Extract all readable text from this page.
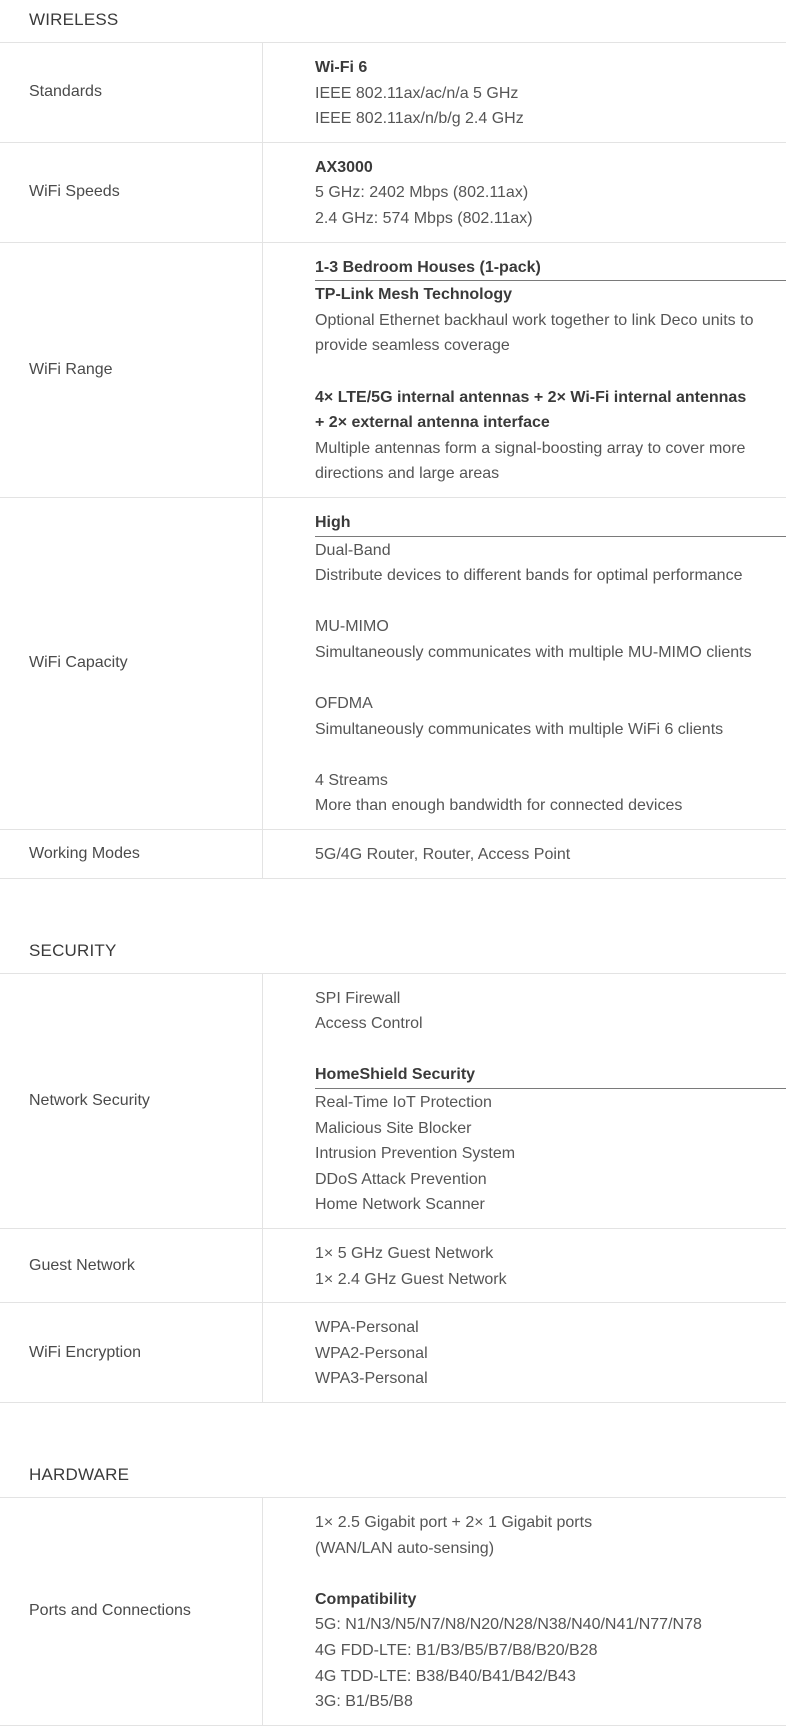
WIRELESS
Standards
Wi-Fi 6
IEEE 802.11ax/ac/n/a 5 GHz
IEEE 802.11ax/n/b/g 2.4 GHz
WiFi Speeds
AX3000
5 GHz: 2402 Mbps (802.11ax)
2.4 GHz: 574 Mbps (802.11ax)
WiFi Range
1-3 Bedroom Houses (1-pack)
TP-Link Mesh Technology
Optional Ethernet backhaul work together to link Deco units to
provide seamless coverage
4× LTE/5G internal antennas + 2× Wi-Fi internal antennas
+ 2× external antenna interface
Multiple antennas form a signal-boosting array to cover more
directions and large areas
WiFi Capacity
High
Dual-Band
Distribute devices to different bands for optimal performance
MU-MIMO
Simultaneously communicates with multiple MU-MIMO clients
OFDMA
Simultaneously communicates with multiple WiFi 6 clients
4 Streams
More than enough bandwidth for connected devices
Working Modes	5G/4G Router, Router, Access Point
SECURITY
Network Security
SPI Firewall
Access Control
HomeShield Security
Real-Time IoT Protection
Malicious Site Blocker
Intrusion Prevention System
DDoS Attack Prevention
Home Network Scanner
Guest Network
1× 5 GHz Guest Network
1× 2.4 GHz Guest Network
WiFi Encryption
WPA-Personal
WPA2-Personal
WPA3-Personal
HARDWARE
Ports and Connections
1× 2.5 Gigabit port + 2× 1 Gigabit ports
(WAN/LAN auto-sensing)
Compatibility
5G: N1/N3/N5/N7/N8/N20/N28/N38/N40/N41/N77/N78
4G FDD-LTE: B1/B3/B5/B7/B8/B20/B28
4G TDD-LTE: B38/B40/B41/B42/B43
3G: B1/B5/B8
